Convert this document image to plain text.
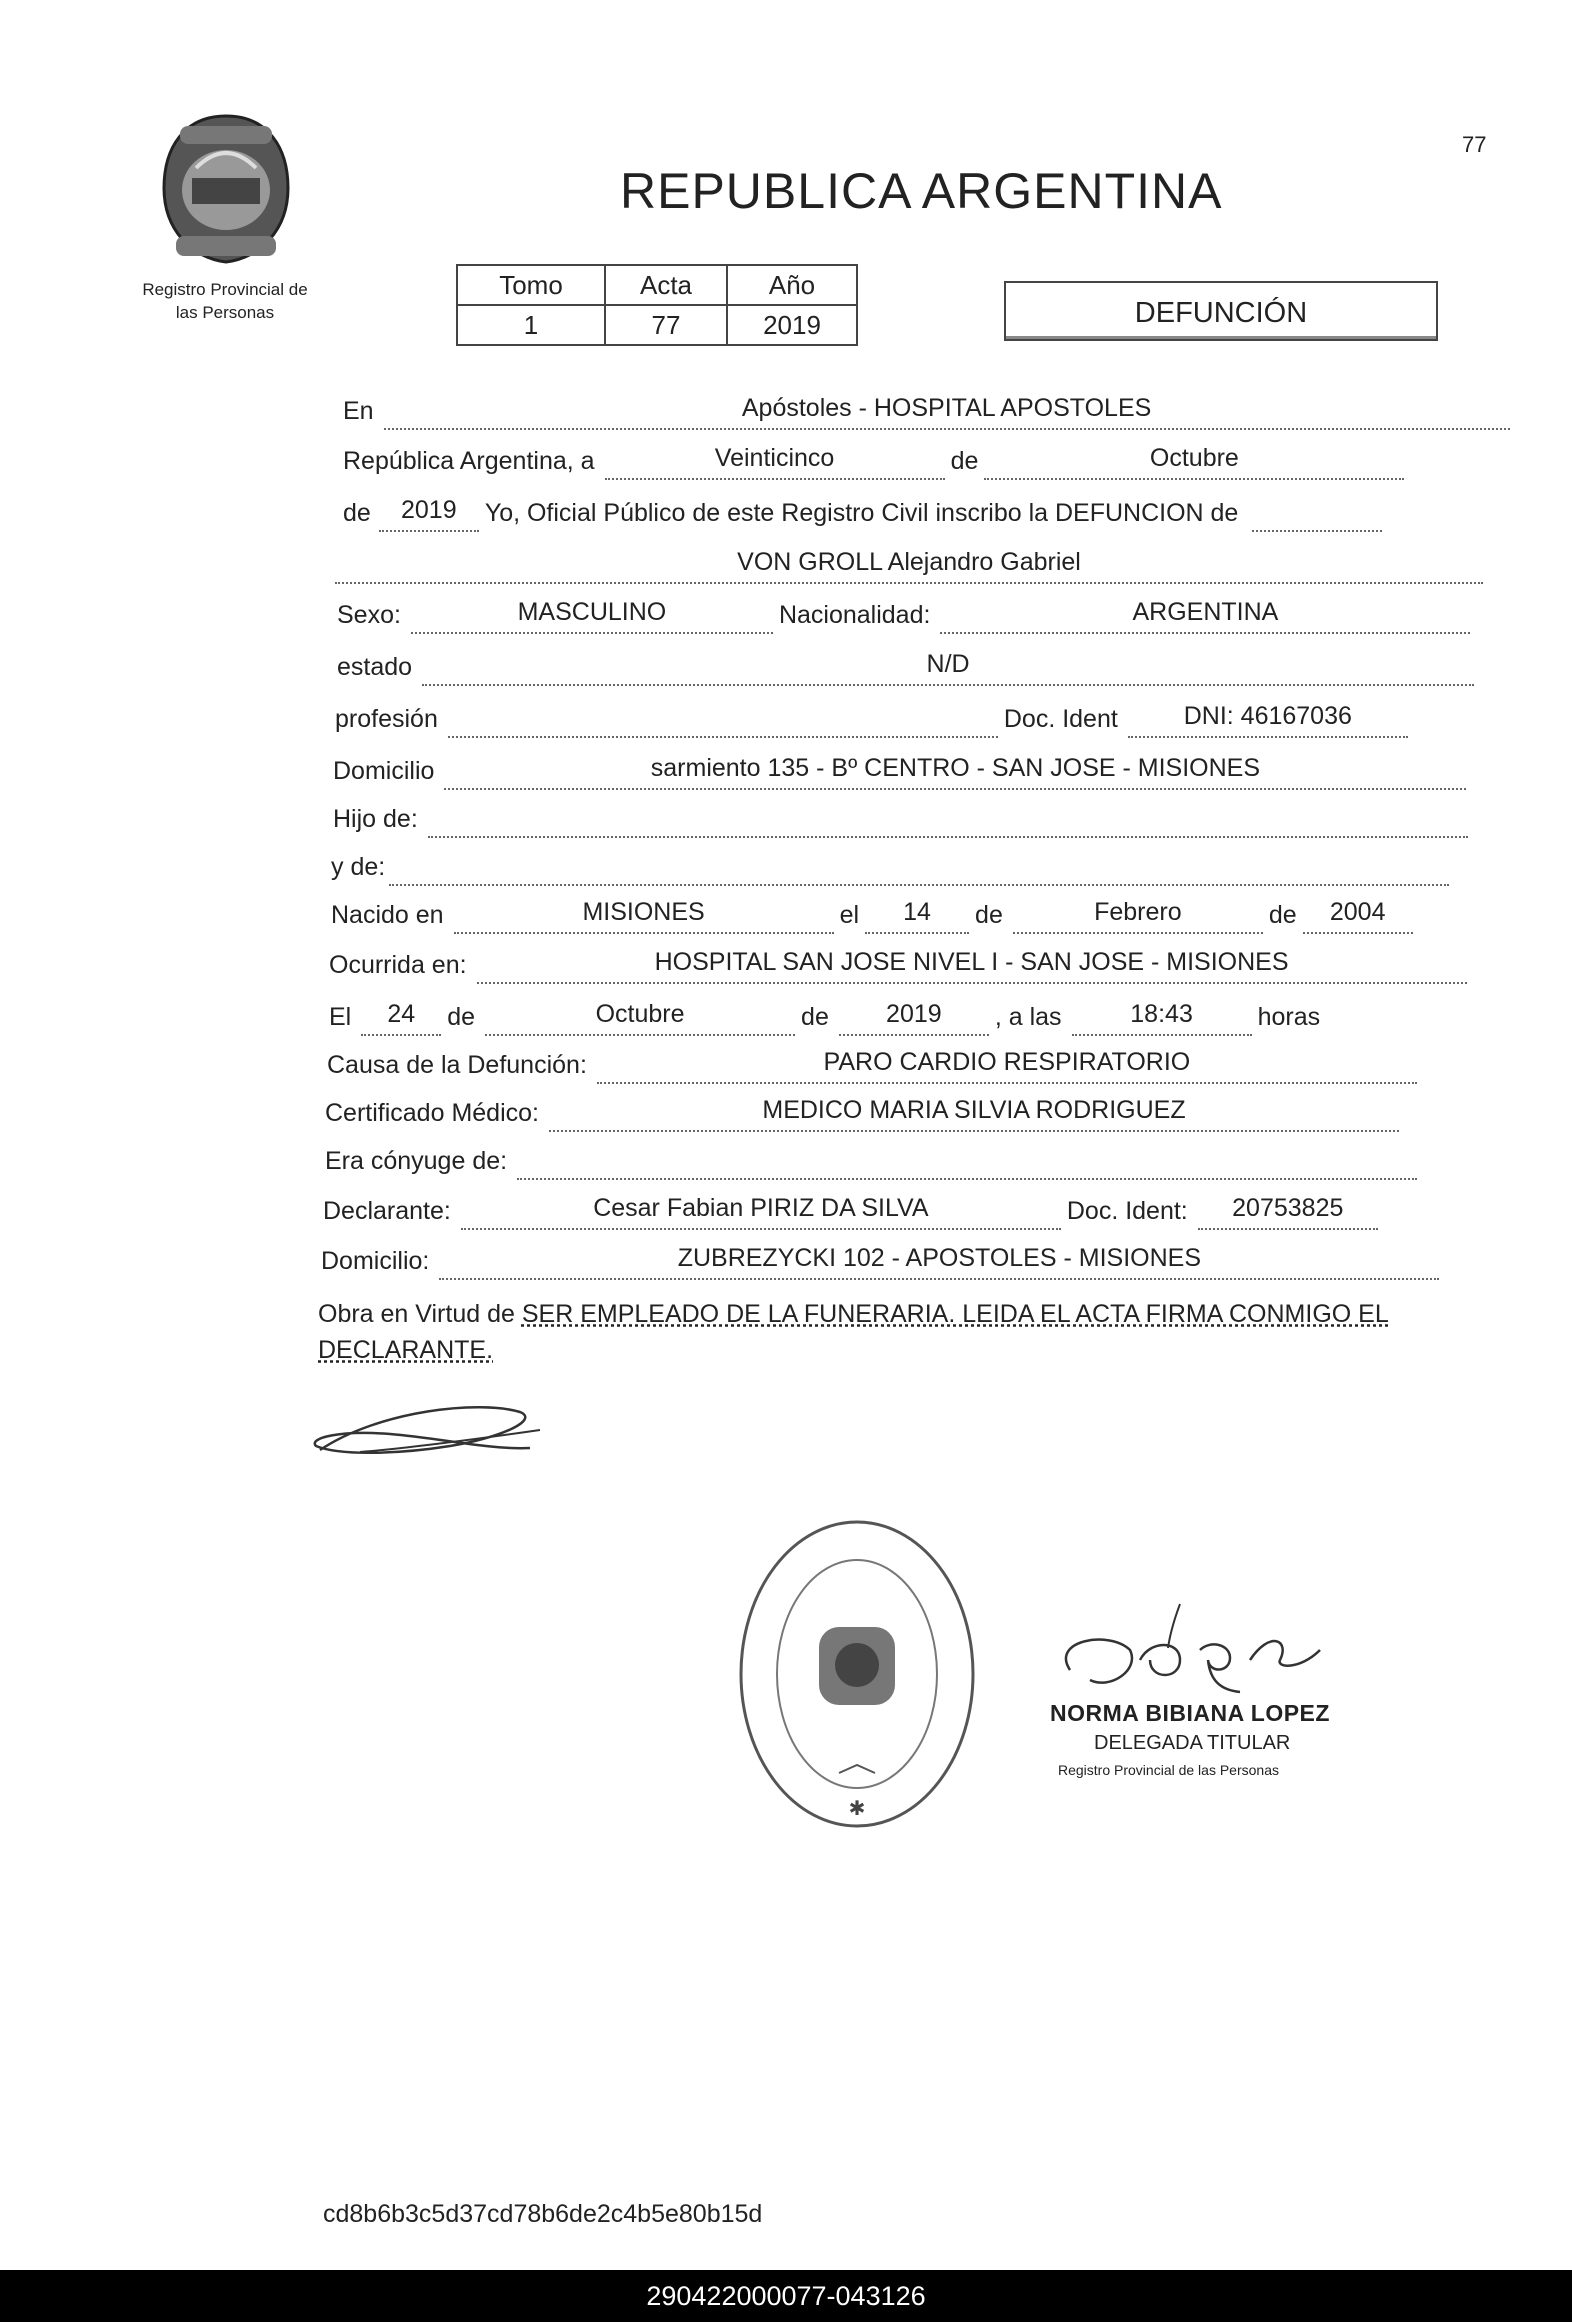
77
Registro Provincial de
las Personas
REPUBLICA ARGENTINA
Tomo	Acta	Año
1	77	2019	DEFUNCIÓN
En	Apóstoles - HOSPITAL APOSTOLES
República Argentina, a	Veinticinco	de	Octubre
de	2019	Yo, Oficial Público de este Registro Civil inscribo la DEFUNCION de
VON GROLL Alejandro Gabriel
Sexo:	MASCULINO	Nacionalidad:	ARGENTINA
estado	N/D
profesión	Doc. Ident	DNI: 46167036
Domicilio	sarmiento 135 - Bº CENTRO - SAN JOSE - MISIONES
Hijo de:
y de:
Nacido en	MISIONES	el	14	de	Febrero	de	2004
Ocurrida en:	HOSPITAL SAN JOSE NIVEL I - SAN JOSE - MISIONES
El	24	de	Octubre	de	2019	, a las	18:43	horas
Causa de la Defunción:	PARO CARDIO RESPIRATORIO
Certificado Médico:	MEDICO MARIA SILVIA RODRIGUEZ
Era cónyuge de:
Declarante:	Cesar Fabian PIRIZ DA SILVA	Doc. Ident:	20753825
Domicilio:	ZUBREZYCKI 102 - APOSTOLES - MISIONES
Obra en Virtud de SER EMPLEADO DE LA FUNERARIA. LEIDA EL ACTA FIRMA CONMIGO EL DECLARANTE.
✱
NORMA BIBIANA LOPEZ
DELEGADA TITULAR
Registro Provincial de las Personas
cd8b6b3c5d37cd78b6de2c4b5e80b15d
290422000077-043126
